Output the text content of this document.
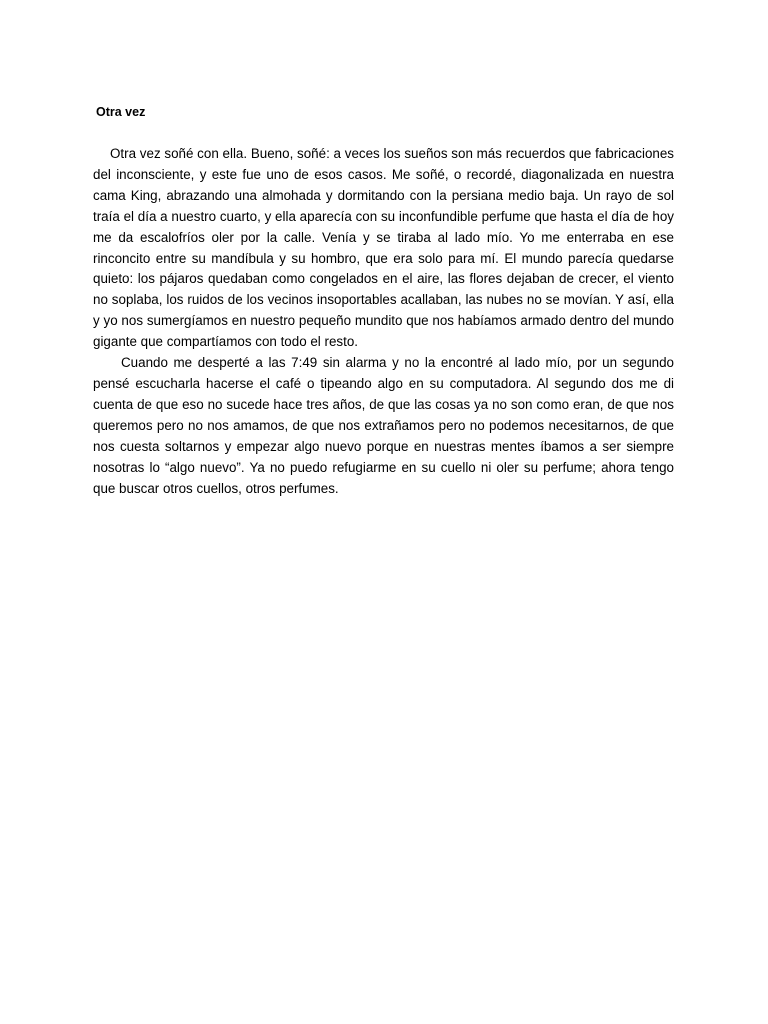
Otra vez

Otra vez soñé con ella. Bueno, soñé: a veces los sueños son más recuerdos que fabricaciones del inconsciente, y este fue uno de esos casos. Me soñé, o recordé, diagonalizada en nuestra cama King, abrazando una almohada y dormitando con la persiana medio baja. Un rayo de sol traía el día a nuestro cuarto, y ella aparecía con su inconfundible perfume que hasta el día de hoy me da escalofríos oler por la calle. Venía y se tiraba al lado mío. Yo me enterraba en ese rinconcito entre su mandíbula y su hombro, que era solo para mí. El mundo parecía quedarse quieto: los pájaros quedaban como congelados en el aire, las flores dejaban de crecer, el viento no soplaba, los ruidos de los vecinos insoportables acallaban, las nubes no se movían. Y así, ella y yo nos sumergíamos en nuestro pequeño mundito que nos habíamos armado dentro del mundo gigante que compartíamos con todo el resto.

Cuando me desperté a las 7:49 sin alarma y no la encontré al lado mío, por un segundo pensé escucharla hacerse el café o tipeando algo en su computadora. Al segundo dos me di cuenta de que eso no sucede hace tres años, de que las cosas ya no son como eran, de que nos queremos pero no nos amamos, de que nos extrañamos pero no podemos necesitarnos, de que nos cuesta soltarnos y empezar algo nuevo porque en nuestras mentes íbamos a ser siempre nosotras lo “algo nuevo”. Ya no puedo refugiarme en su cuello ni oler su perfume; ahora tengo que buscar otros cuellos, otros perfumes.
